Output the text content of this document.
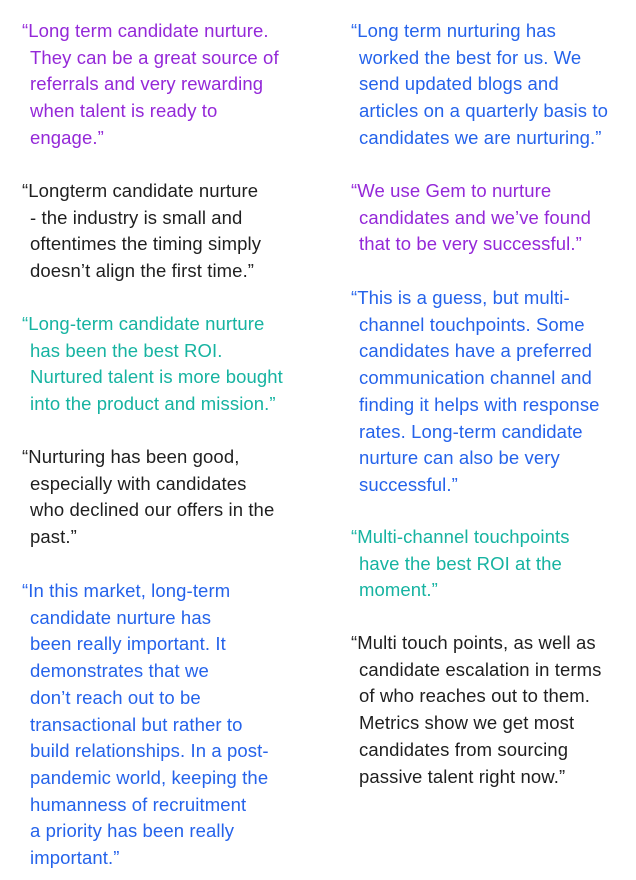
“Long term candidate nurture.
They can be a great source of
referrals and very rewarding
when talent is ready to
engage.”

“Longterm candidate nurture
- the industry is small and
oftentimes the timing simply
doesn’t align the first time.”

“Long-term candidate nurture
has been the best ROI.
Nurtured talent is more bought
into the product and mission.”

“Nurturing has been good,
especially with candidates
who declined our offers in the
past.”

“In this market, long-term
candidate nurture has
been really important. It
demonstrates that we
don’t reach out to be
transactional but rather to
build relationships. In a post-
pandemic world, keeping the
humanness of recruitment
a priority has been really
important.”

“Long term nurturing has
worked the best for us. We
send updated blogs and
articles on a quarterly basis to
candidates we are nurturing.”

“We use Gem to nurture
candidates and we’ve found
that to be very successful.”

“This is a guess, but multi-
channel touchpoints. Some
candidates have a preferred
communication channel and
finding it helps with response
rates. Long-term candidate
nurture can also be very
successful.”

“Multi-channel touchpoints
have the best ROI at the
moment.”

“Multi touch points, as well as
candidate escalation in terms
of who reaches out to them.
Metrics show we get most
candidates from sourcing
passive talent right now.”
